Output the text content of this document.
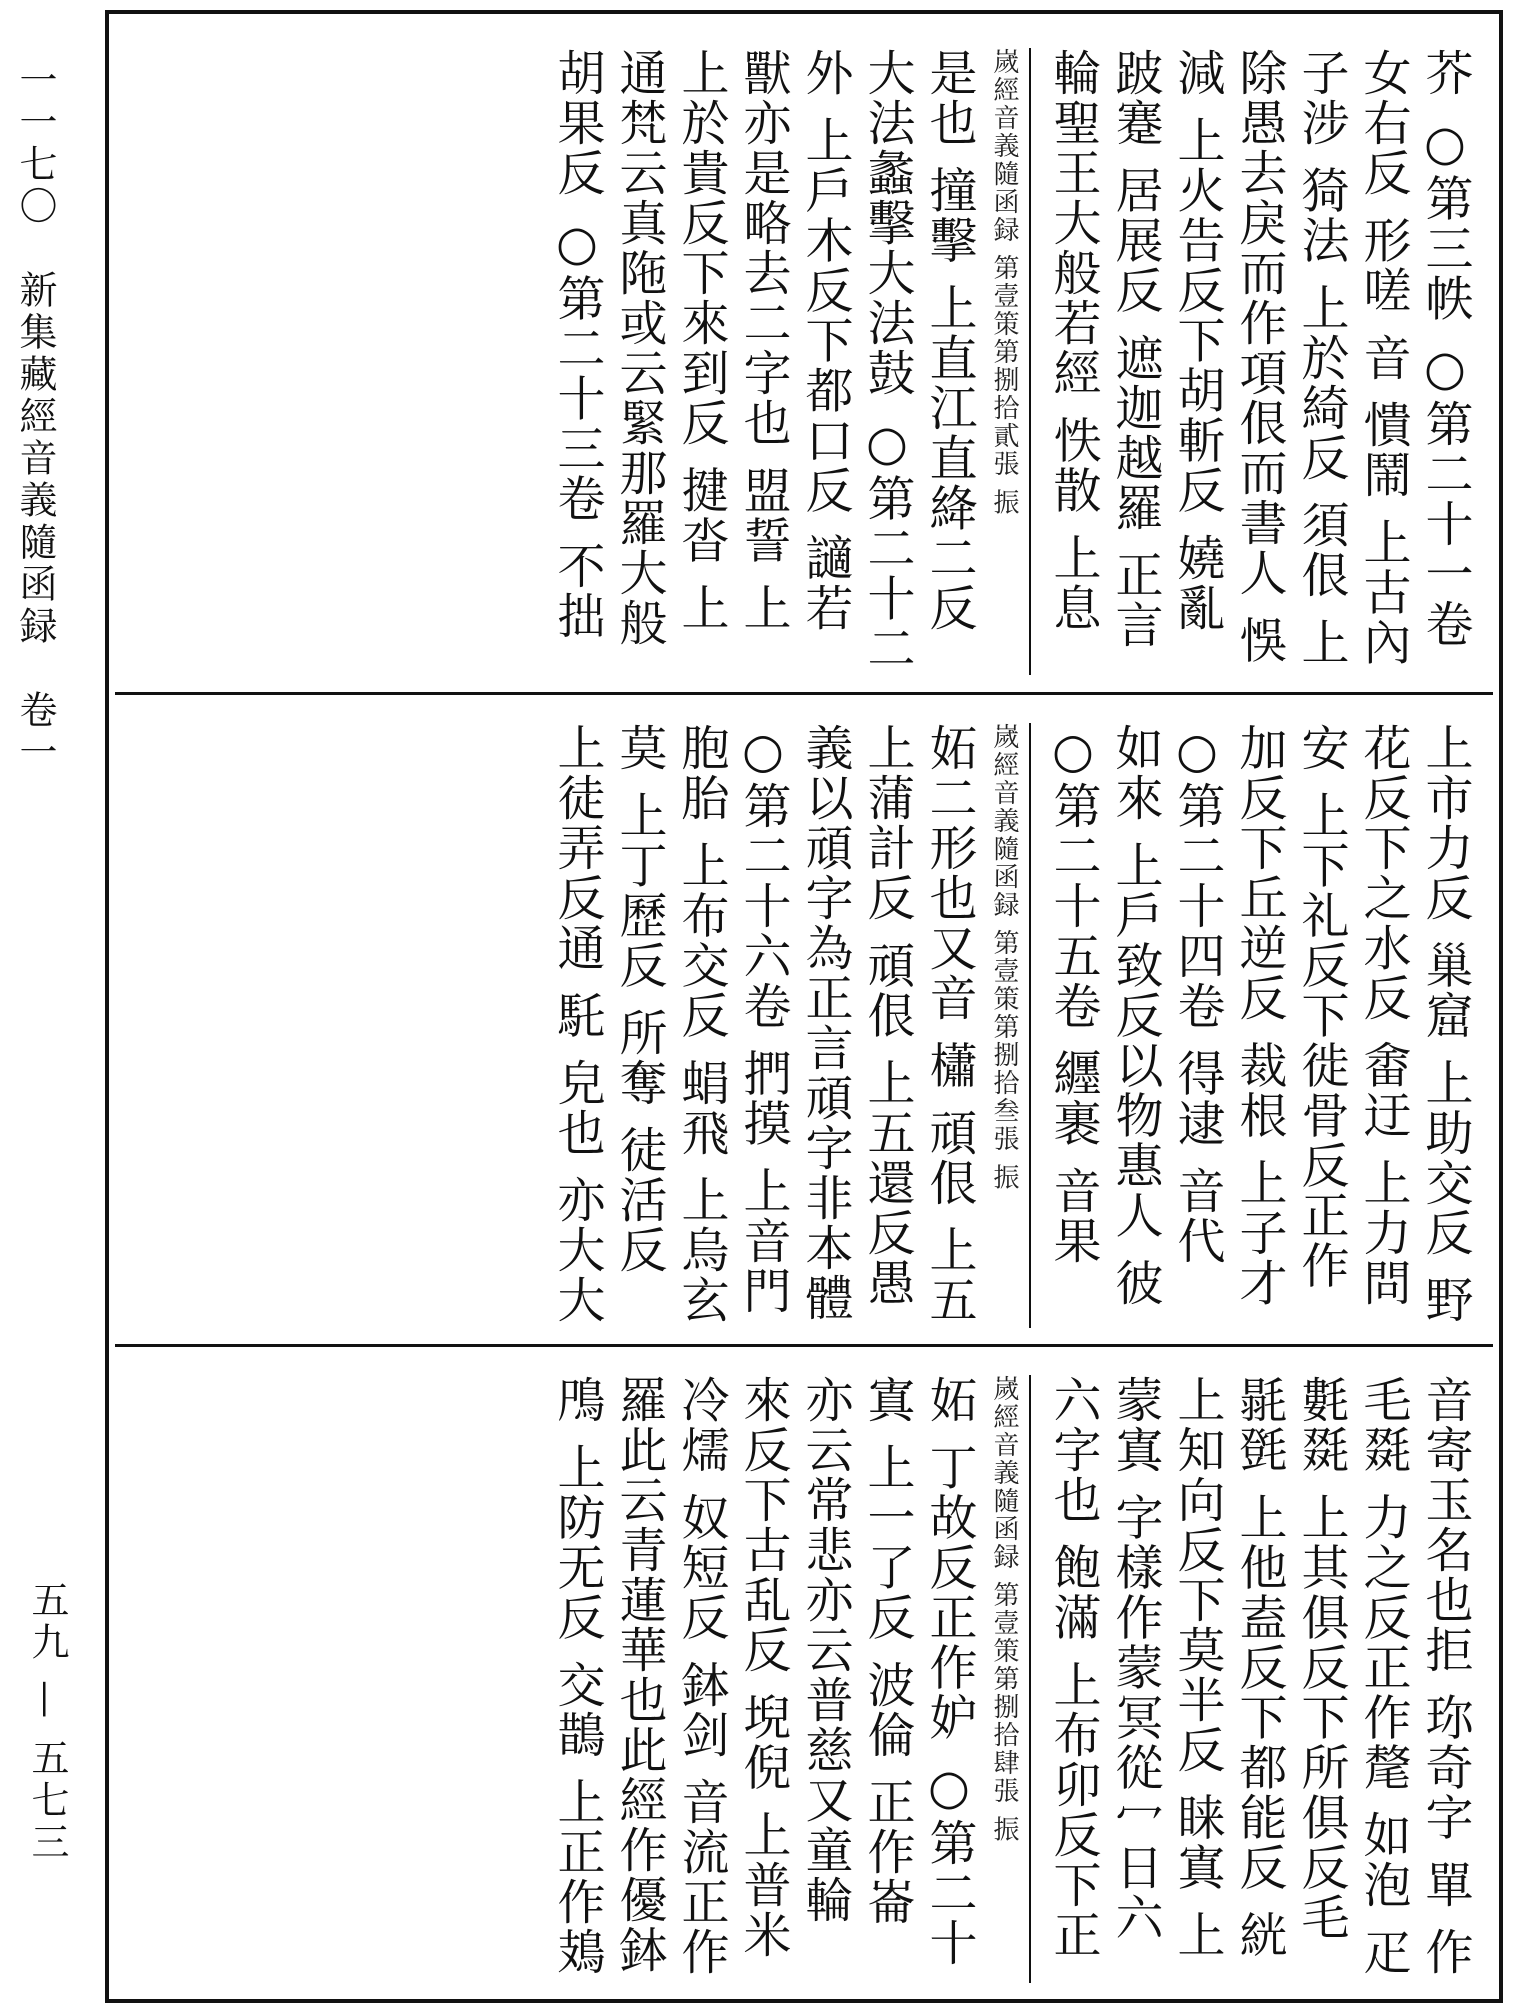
一一七〇　新集藏經音義隨函録　卷一
五九 — 五七三
芥 ○第三帙 ○第二十一卷
女右反 形嗟 音 憒鬧 上古內
子涉 猗法 上於綺反 須佷 上
除愚去戾而作項佷而書人 悞
減 上火告反下胡斬反 嬈亂
跛蹇 居展反 遮迦越羅 正言
輪聖王大般若經 怢散 上息
嵗經音義隨函録 第壹策第捌拾貳張 振
是也 撞擊 上直江直絳二反
大法蠡擊大法鼓 ○第二十二
外 上戶木反下都口反 讁若
獸亦是略去二字也 盟誓 上
上於貴反下來到反 揵沓 上
通梵云真陁或云緊那羅大般
胡果反 ○第二十三卷 不拙
上市力反 巢窟 上助交反 野
花反下之水反 畬迂 上力問
安 上下礼反下徙骨反正作
加反下丘逆反 裁根 上子才
○第二十四卷 得逮 音代
如來 上戶致反以物惠人 彼
○第二十五卷 纒裹 音果
嵗經音義隨函録 第壹策第捌拾叁張 振
妬二形也又音 櫹 頑佷 上五
上蒲計反 頑佷 上五還反愚
義以頑字為正言頑字非本體
○第二十六卷 捫摸 上音門
胞胎 上布交反 蜎飛 上烏玄
莫 上丁歷反 所奪 徒活反
上徒弄反通 馲 皃也 亦大大
音寄玉名也拒 珎奇字 單 作
毛毲 力之反正作氂 如泡 疋
氀毲 上其俱反下所俱反毛
毾㲪 上他盍反下都能反 絖
上知向反下莫半反 睐寘 上
蒙寘 字樣作蒙冥從冖日六
六字也 飽滿 上布卯反下正
嵗經音義隨函録 第壹策第捌拾肆張 振
妬 丁故反正作妒 ○第二十
寘 上一了反 波倫 正作崙
亦云常悲亦云普慈又童輪
來反下古乱反 堄倪 上普米
冷燸 奴短反 鉢剑 音流正作
羅此云青蓮華也此經作優鉢
鳲 上防无反 交鵲 上正作鳷
